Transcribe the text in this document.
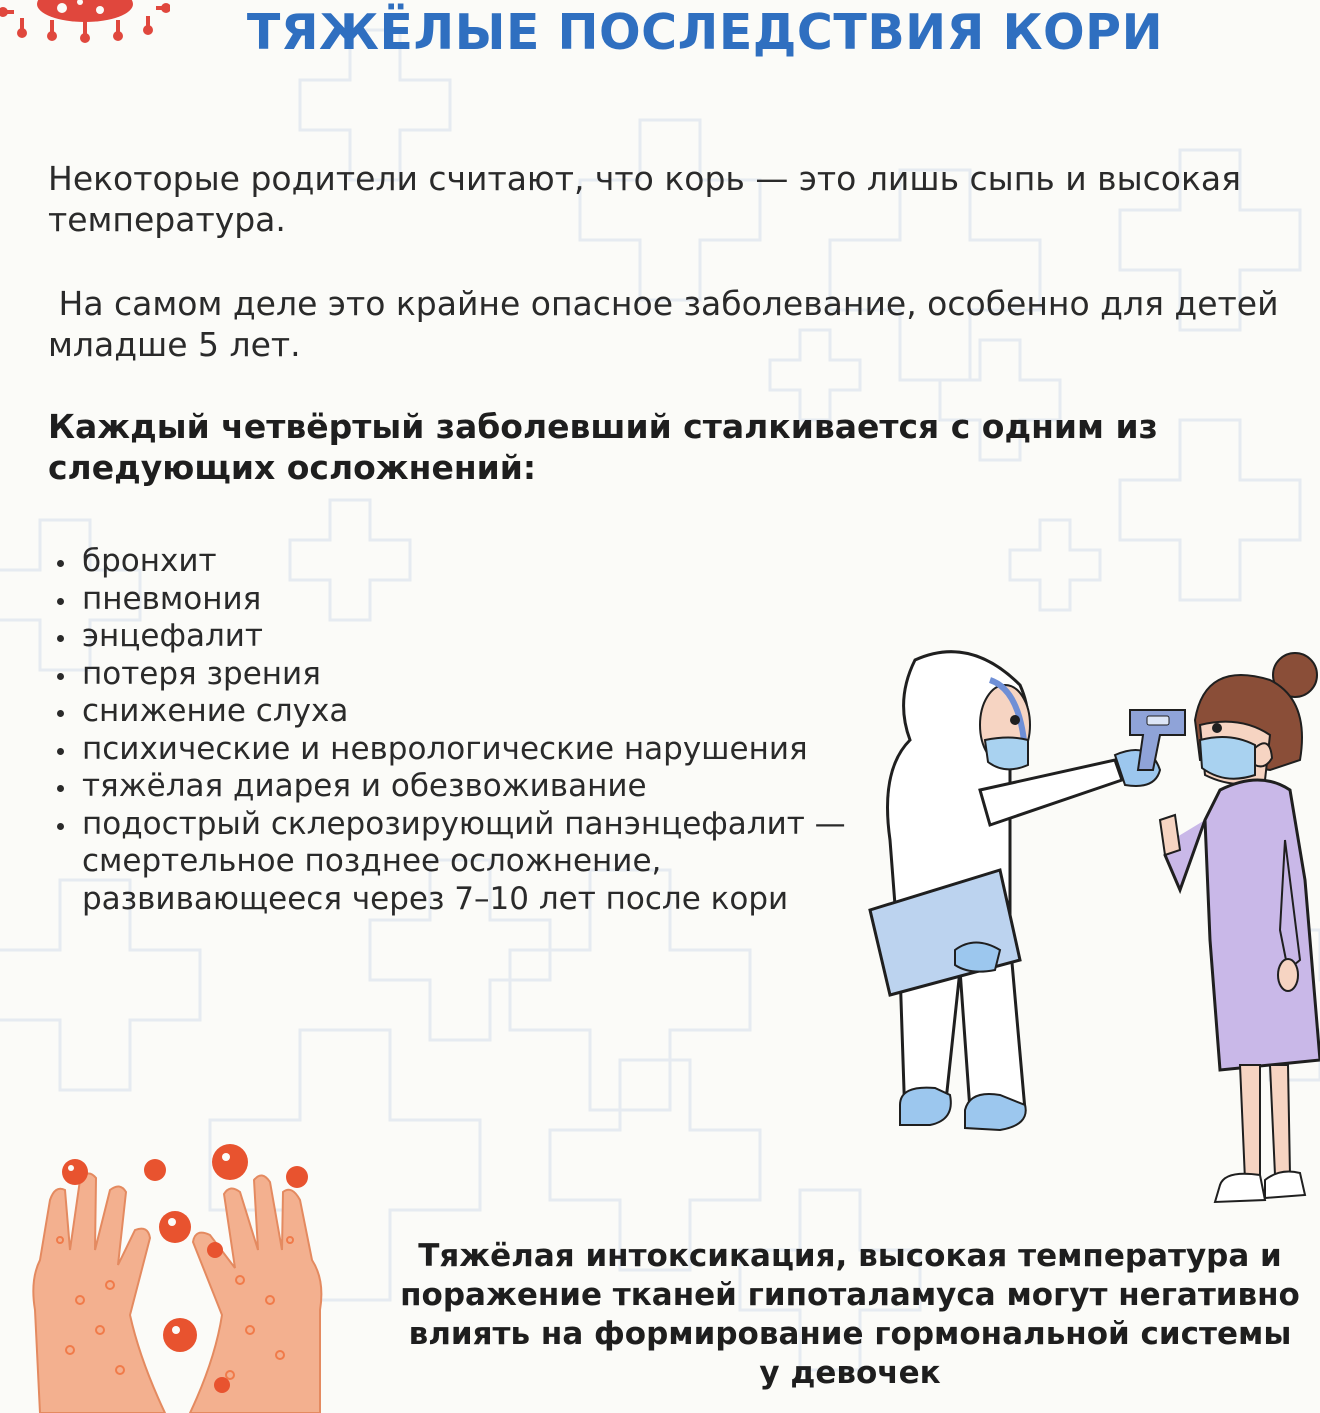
ТЯЖЁЛЫЕ ПОСЛЕДСТВИЯ КОРИ
Некоторые родители считают, что корь — это лишь сыпь и высокая температура.
На самом деле это крайне опасное заболевание, особенно для детей младше 5 лет.
Каждый четвёртый заболевший сталкивается с одним из следующих осложнений:
бронхит
пневмония
энцефалит
потеря зрения
снижение слуха
психические и неврологические нарушения
тяжёлая диарея и обезвоживание
подострый склерозирующий панэнцефалит — смертельное позднее осложнение, развивающееся через 7–10 лет после кори
Тяжёлая интоксикация, высокая температура и поражение тканей гипоталамуса могут негативно влиять на формирование гормональной системы у девочек
